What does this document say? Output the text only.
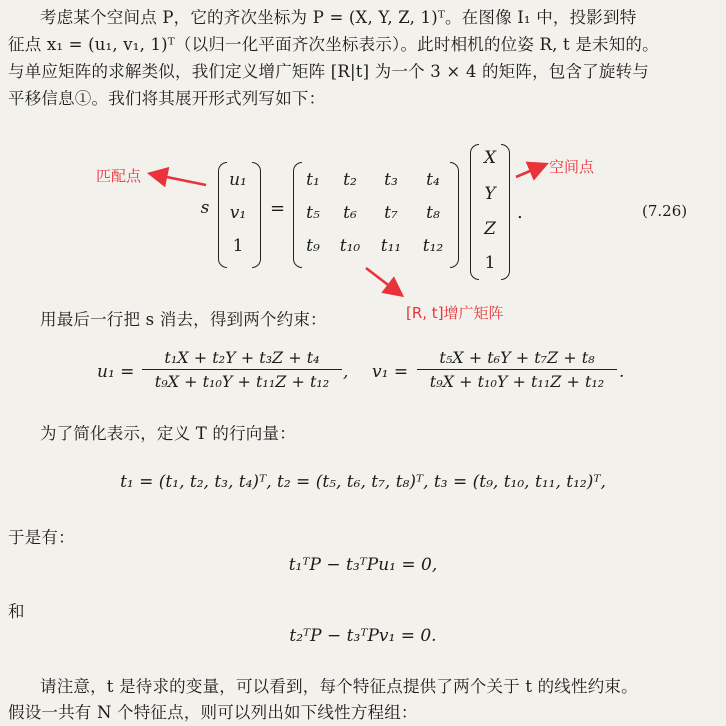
考虑某个空间点 P，它的齐次坐标为 P = (X, Y, Z, 1)ᵀ。在图像 I₁ 中，投影到特
征点 x₁ = (u₁, v₁, 1)ᵀ（以归一化平面齐次坐标表示）。此时相机的位姿 R, t 是未知的。
与单应矩阵的求解类似，我们定义增广矩阵 [R|t] 为一个 3 × 4 的矩阵，包含了旋转与
平移信息①。我们将其展开形式列写如下：
s
u₁
v₁
1
=
t₁	t₂	t₃	t₄
t₅	t₆	t₇	t₈
t₉	t₁₀	t₁₁	t₁₂
X
Y
Z
1
.	(7.26)
匹配点	空间点
[R, t]增广矩阵
用最后一行把 s 消去，得到两个约束：
$u_1 = \frac{\text{t₁X + t₂Y + t₃Z + t₄}}{\text{t₉X + t₁₀Y + t₁₁Z + t₁₂}}$ , $v_1 = \frac{\text{t₅X + t₆Y + t₇Z + t₈}}{\text{t₉X + t₁₀Y + t₁₁Z + t₁₂}}$ .
为了简化表示，定义 T 的行向量：
t₁ = (t₁, t₂, t₃, t₄)ᵀ, t₂ = (t₅, t₆, t₇, t₈)ᵀ, t₃ = (t₉, t₁₀, t₁₁, t₁₂)ᵀ,
于是有：
t₁ᵀP − t₃ᵀPu₁ = 0,
和
t₂ᵀP − t₃ᵀPv₁ = 0.
请注意，t 是待求的变量，可以看到，每个特征点提供了两个关于 t 的线性约束。
假设一共有 N 个特征点，则可以列出如下线性方程组：
